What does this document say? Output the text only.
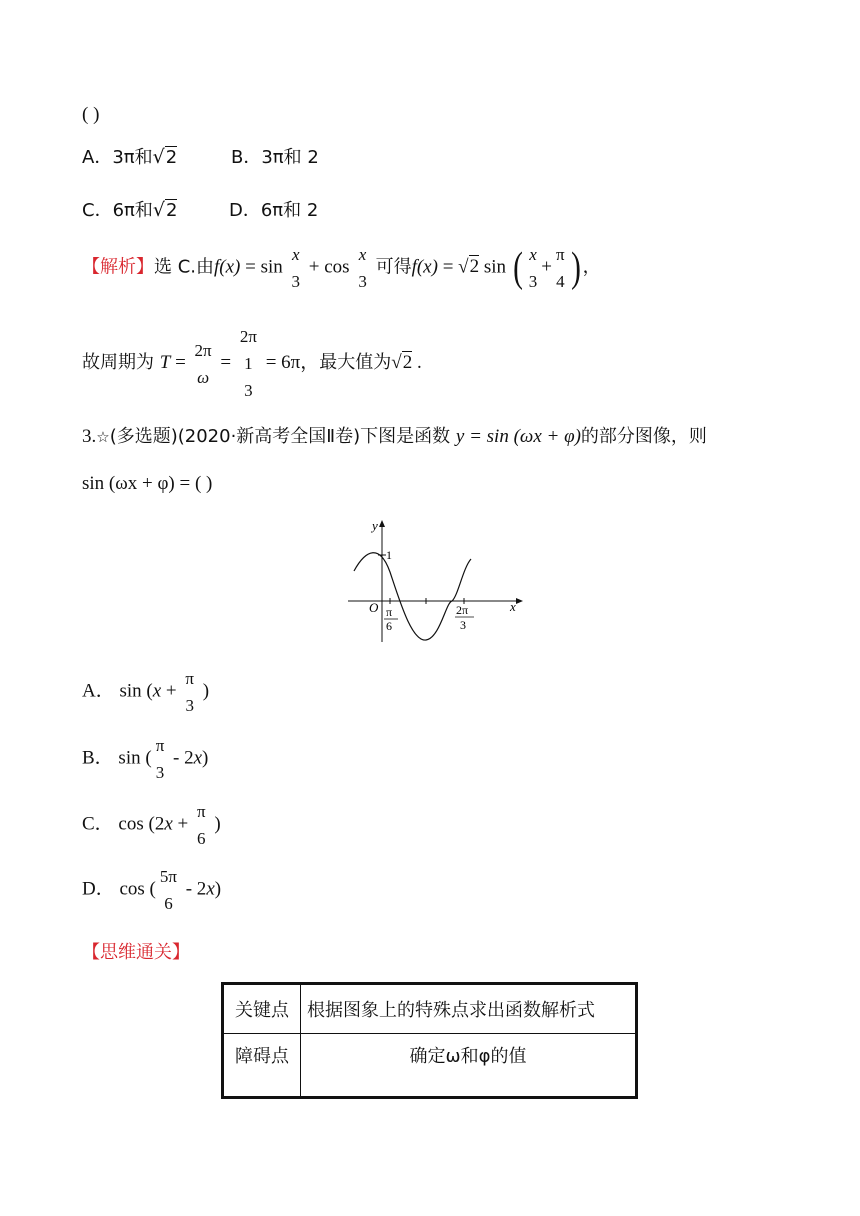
( )
A．3π和√2	B．3π和 2
C．6π和√2	D．6π和 2
【解析】选 C.由f(x) = sin
x
3
+ cos
x
3
可得f(x) = √2 sin ( x
3
+
π
4 ) ，
故周期为 T =
2π
ω
=
2π
1
3
= 6π，最大值为√2 .
3.☆(多选题)(2020·新高考全国Ⅱ卷)下图是函数 y = sin (ωx + φ)的部分图像，则
sin (ωx + φ) = ( )
y
x
O
1
π
6
2π
3
A． sin (x +
π
3
)
B． sin (
π
3
- 2x)
C． cos (2x +
π
6
)
D． cos (
5π
6
- 2x)
【思维通关】
关键点	根据图象上的特殊点求出函数解析式
障碍点	确定ω和φ的值
